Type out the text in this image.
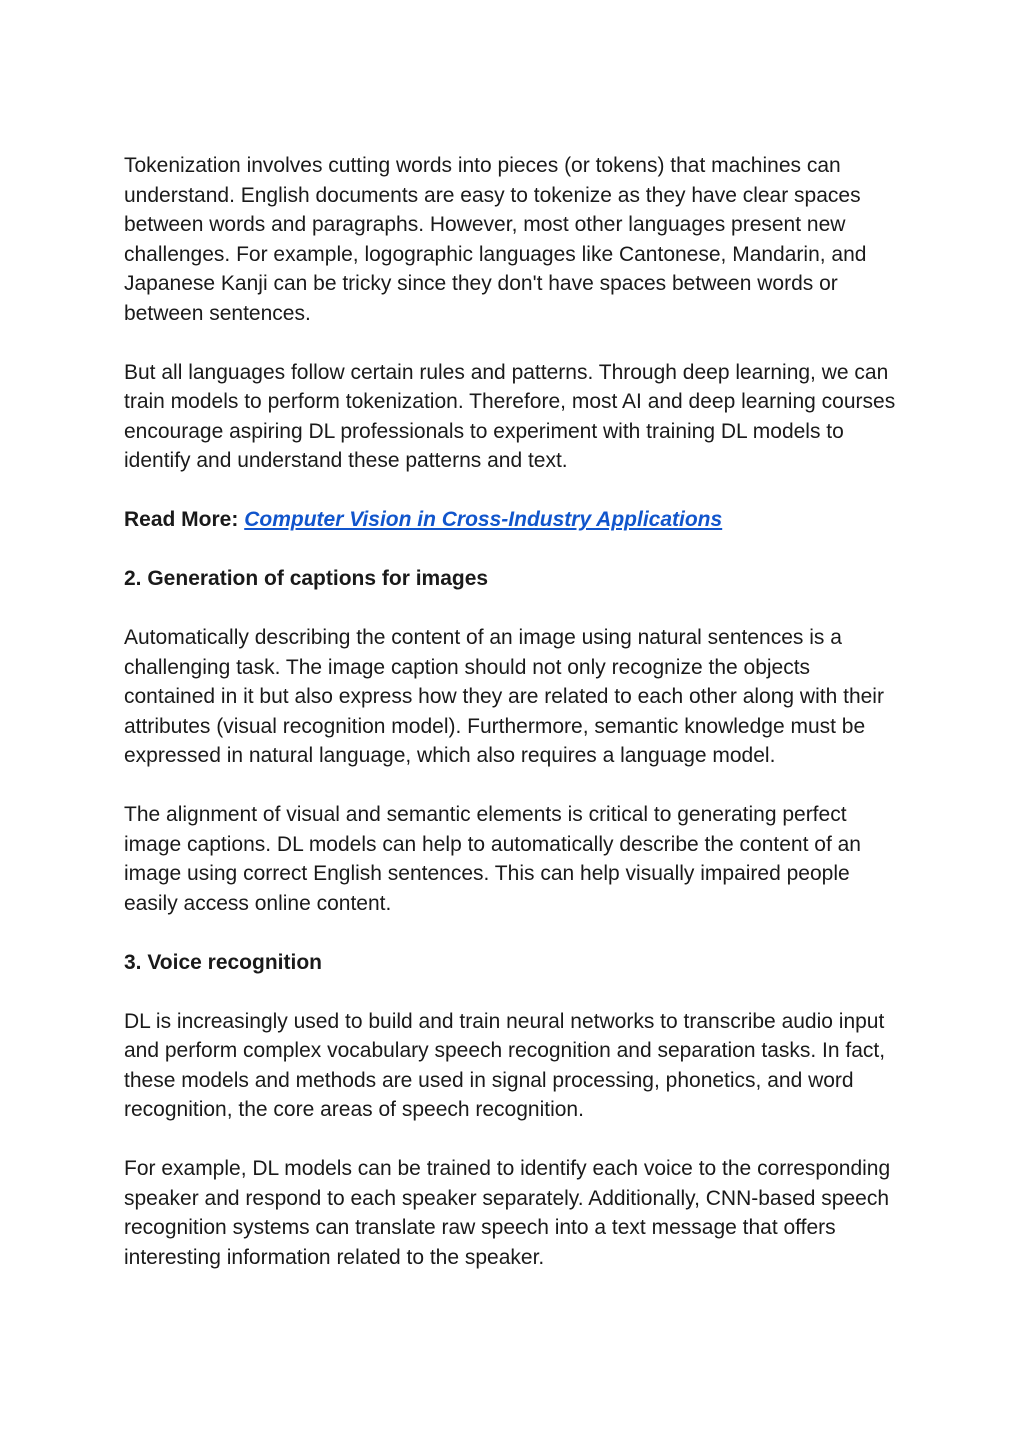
Tokenization involves cutting words into pieces (or tokens) that machines can understand. English documents are easy to tokenize as they have clear spaces between words and paragraphs. However, most other languages present new challenges. For example, logographic languages like Cantonese, Mandarin, and Japanese Kanji can be tricky since they don't have spaces between words or between sentences.

But all languages follow certain rules and patterns. Through deep learning, we can train models to perform tokenization. Therefore, most AI and deep learning courses encourage aspiring DL professionals to experiment with training DL models to identify and understand these patterns and text.

Read More: Computer Vision in Cross-Industry Applications

2. Generation of captions for images

Automatically describing the content of an image using natural sentences is a challenging task. The image caption should not only recognize the objects contained in it but also express how they are related to each other along with their attributes (visual recognition model). Furthermore, semantic knowledge must be expressed in natural language, which also requires a language model.

The alignment of visual and semantic elements is critical to generating perfect image captions. DL models can help to automatically describe the content of an image using correct English sentences. This can help visually impaired people easily access online content.

3. Voice recognition

DL is increasingly used to build and train neural networks to transcribe audio input and perform complex vocabulary speech recognition and separation tasks. In fact, these models and methods are used in signal processing, phonetics, and word recognition, the core areas of speech recognition.

For example, DL models can be trained to identify each voice to the corresponding speaker and respond to each speaker separately. Additionally, CNN-based speech recognition systems can translate raw speech into a text message that offers interesting information related to the speaker.
